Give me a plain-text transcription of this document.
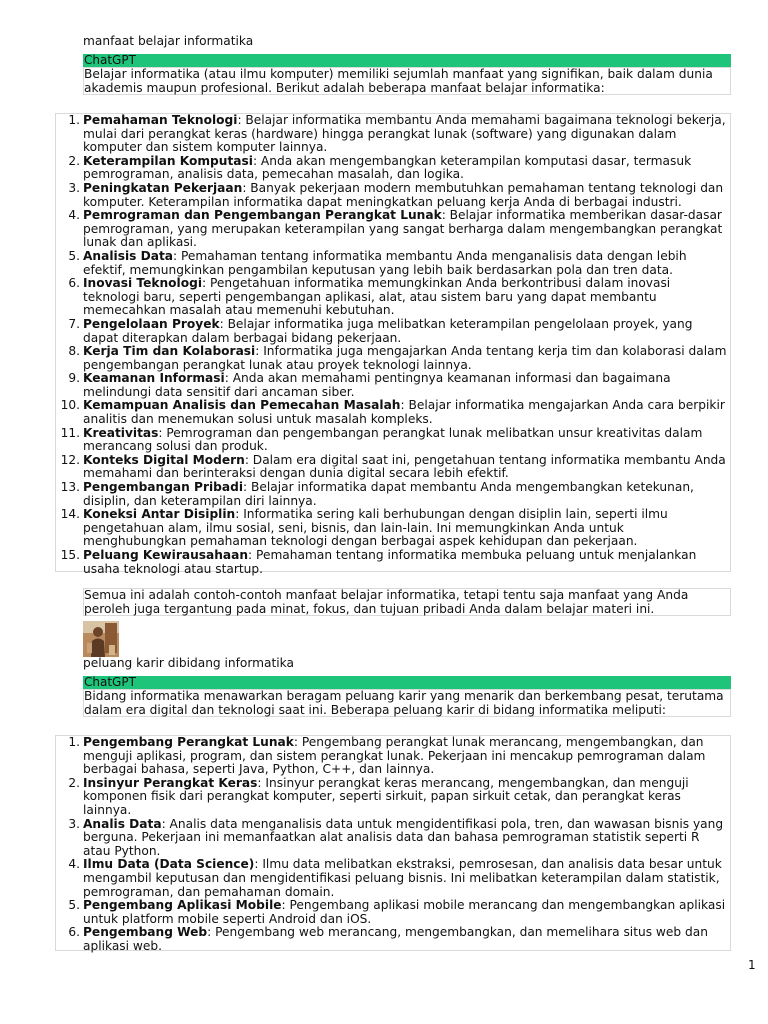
manfaat belajar informatika
ChatGPT

Belajar informatika (atau ilmu komputer) memiliki sejumlah manfaat yang signifikan, baik dalam dunia akademis maupun profesional. Berikut adalah beberapa manfaat belajar informatika:

1. Pemahaman Teknologi: Belajar informatika membantu Anda memahami bagaimana teknologi bekerja, mulai dari perangkat keras (hardware) hingga perangkat lunak (software) yang digunakan dalam komputer dan sistem komputer lainnya.
2. Keterampilan Komputasi: Anda akan mengembangkan keterampilan komputasi dasar, termasuk pemrograman, analisis data, pemecahan masalah, dan logika.
3. Peningkatan Pekerjaan: Banyak pekerjaan modern membutuhkan pemahaman tentang teknologi dan komputer. Keterampilan informatika dapat meningkatkan peluang kerja Anda di berbagai industri.
4. Pemrograman dan Pengembangan Perangkat Lunak: Belajar informatika memberikan dasar-dasar pemrograman, yang merupakan keterampilan yang sangat berharga dalam mengembangkan perangkat lunak dan aplikasi.
5. Analisis Data: Pemahaman tentang informatika membantu Anda menganalisis data dengan lebih efektif, memungkinkan pengambilan keputusan yang lebih baik berdasarkan pola dan tren data.
6. Inovasi Teknologi: Pengetahuan informatika memungkinkan Anda berkontribusi dalam inovasi teknologi baru, seperti pengembangan aplikasi, alat, atau sistem baru yang dapat membantu memecahkan masalah atau memenuhi kebutuhan.
7. Pengelolaan Proyek: Belajar informatika juga melibatkan keterampilan pengelolaan proyek, yang dapat diterapkan dalam berbagai bidang pekerjaan.
8. Kerja Tim dan Kolaborasi: Informatika juga mengajarkan Anda tentang kerja tim dan kolaborasi dalam pengembangan perangkat lunak atau proyek teknologi lainnya.
9. Keamanan Informasi: Anda akan memahami pentingnya keamanan informasi dan bagaimana melindungi data sensitif dari ancaman siber.
10. Kemampuan Analisis dan Pemecahan Masalah: Belajar informatika mengajarkan Anda cara berpikir analitis dan menemukan solusi untuk masalah kompleks.
11. Kreativitas: Pemrograman dan pengembangan perangkat lunak melibatkan unsur kreativitas dalam merancang solusi dan produk.
12. Konteks Digital Modern: Dalam era digital saat ini, pengetahuan tentang informatika membantu Anda memahami dan berinteraksi dengan dunia digital secara lebih efektif.
13. Pengembangan Pribadi: Belajar informatika dapat membantu Anda mengembangkan ketekunan, disiplin, dan keterampilan diri lainnya.
14. Koneksi Antar Disiplin: Informatika sering kali berhubungan dengan disiplin lain, seperti ilmu pengetahuan alam, ilmu sosial, seni, bisnis, dan lain-lain. Ini memungkinkan Anda untuk menghubungkan pemahaman teknologi dengan berbagai aspek kehidupan dan pekerjaan.
15. Peluang Kewirausahaan: Pemahaman tentang informatika membuka peluang untuk menjalankan usaha teknologi atau startup.

Semua ini adalah contoh-contoh manfaat belajar informatika, tetapi tentu saja manfaat yang Anda peroleh juga tergantung pada minat, fokus, dan tujuan pribadi Anda dalam belajar materi ini.

peluang karir dibidang informatika
ChatGPT

Bidang informatika menawarkan beragam peluang karir yang menarik dan berkembang pesat, terutama dalam era digital dan teknologi saat ini. Beberapa peluang karir di bidang informatika meliputi:

1. Pengembang Perangkat Lunak: Pengembang perangkat lunak merancang, mengembangkan, dan menguji aplikasi, program, dan sistem perangkat lunak. Pekerjaan ini mencakup pemrograman dalam berbagai bahasa, seperti Java, Python, C++, dan lainnya.
2. Insinyur Perangkat Keras: Insinyur perangkat keras merancang, mengembangkan, dan menguji komponen fisik dari perangkat komputer, seperti sirkuit, papan sirkuit cetak, dan perangkat keras lainnya.
3. Analis Data: Analis data menganalisis data untuk mengidentifikasi pola, tren, dan wawasan bisnis yang berguna. Pekerjaan ini memanfaatkan alat analisis data dan bahasa pemrograman statistik seperti R atau Python.
4. Ilmu Data (Data Science): Ilmu data melibatkan ekstraksi, pemrosesan, dan analisis data besar untuk mengambil keputusan dan mengidentifikasi peluang bisnis. Ini melibatkan keterampilan dalam statistik, pemrograman, dan pemahaman domain.
5. Pengembang Aplikasi Mobile: Pengembang aplikasi mobile merancang dan mengembangkan aplikasi untuk platform mobile seperti Android dan iOS.
6. Pengembang Web: Pengembang web merancang, mengembangkan, dan memelihara situs web dan aplikasi web.
1
